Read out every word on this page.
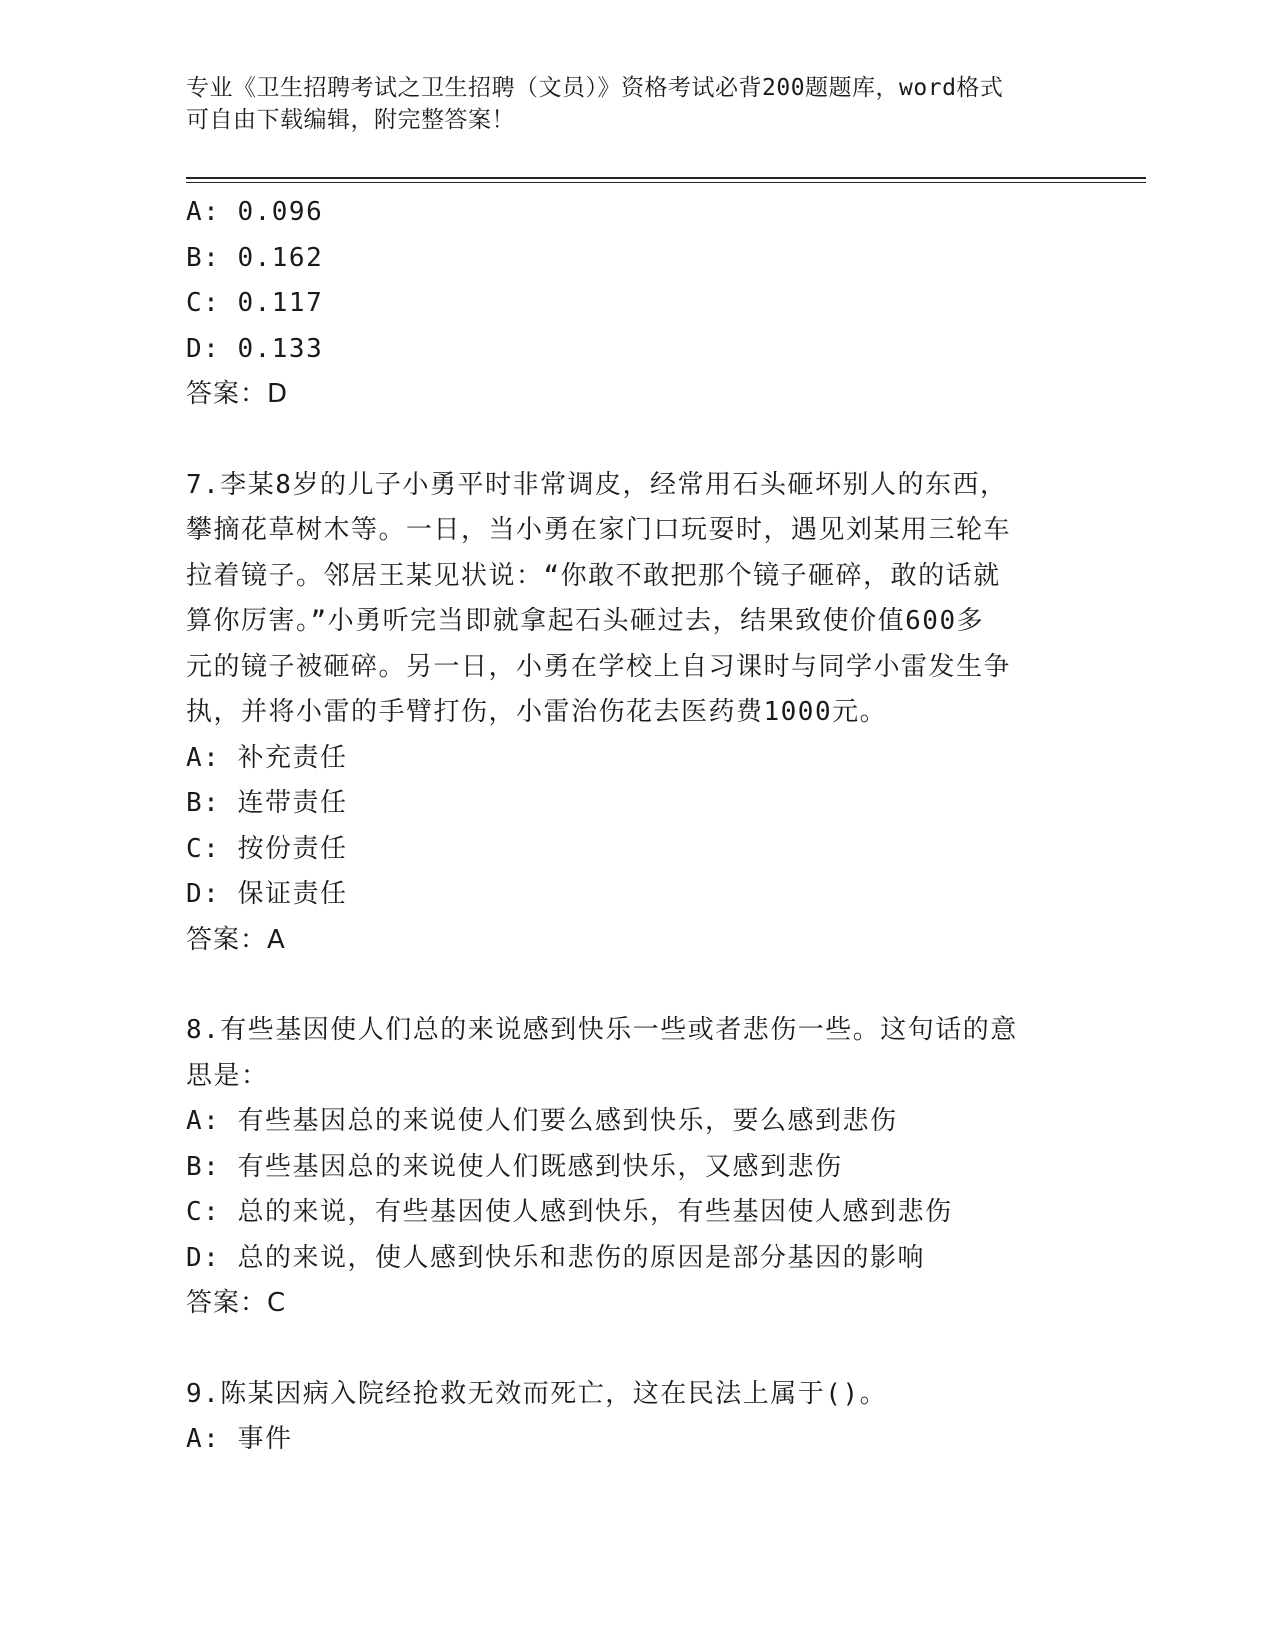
专业《卫生招聘考试之卫生招聘（文员）》资格考试必背200题题库，word格式
可自由下载编辑，附完整答案！
A: 0.096
B: 0.162
C: 0.117
D: 0.133
答案：D
7.李某8岁的儿子小勇平时非常调皮，经常用石头砸坏别人的东西，
攀摘花草树木等。一日，当小勇在家门口玩耍时，遇见刘某用三轮车
拉着镜子。邻居王某见状说：“你敢不敢把那个镜子砸碎，敢的话就
算你厉害。”小勇听完当即就拿起石头砸过去，结果致使价值600多
元的镜子被砸碎。另一日，小勇在学校上自习课时与同学小雷发生争
执，并将小雷的手臂打伤，小雷治伤花去医药费1000元。
A: 补充责任
B: 连带责任
C: 按份责任
D: 保证责任
答案：A
8.有些基因使人们总的来说感到快乐一些或者悲伤一些。这句话的意
思是：
A: 有些基因总的来说使人们要么感到快乐，要么感到悲伤
B: 有些基因总的来说使人们既感到快乐，又感到悲伤
C: 总的来说，有些基因使人感到快乐，有些基因使人感到悲伤
D: 总的来说，使人感到快乐和悲伤的原因是部分基因的影响
答案：C
9.陈某因病入院经抢救无效而死亡，这在民法上属于()。
A: 事件
